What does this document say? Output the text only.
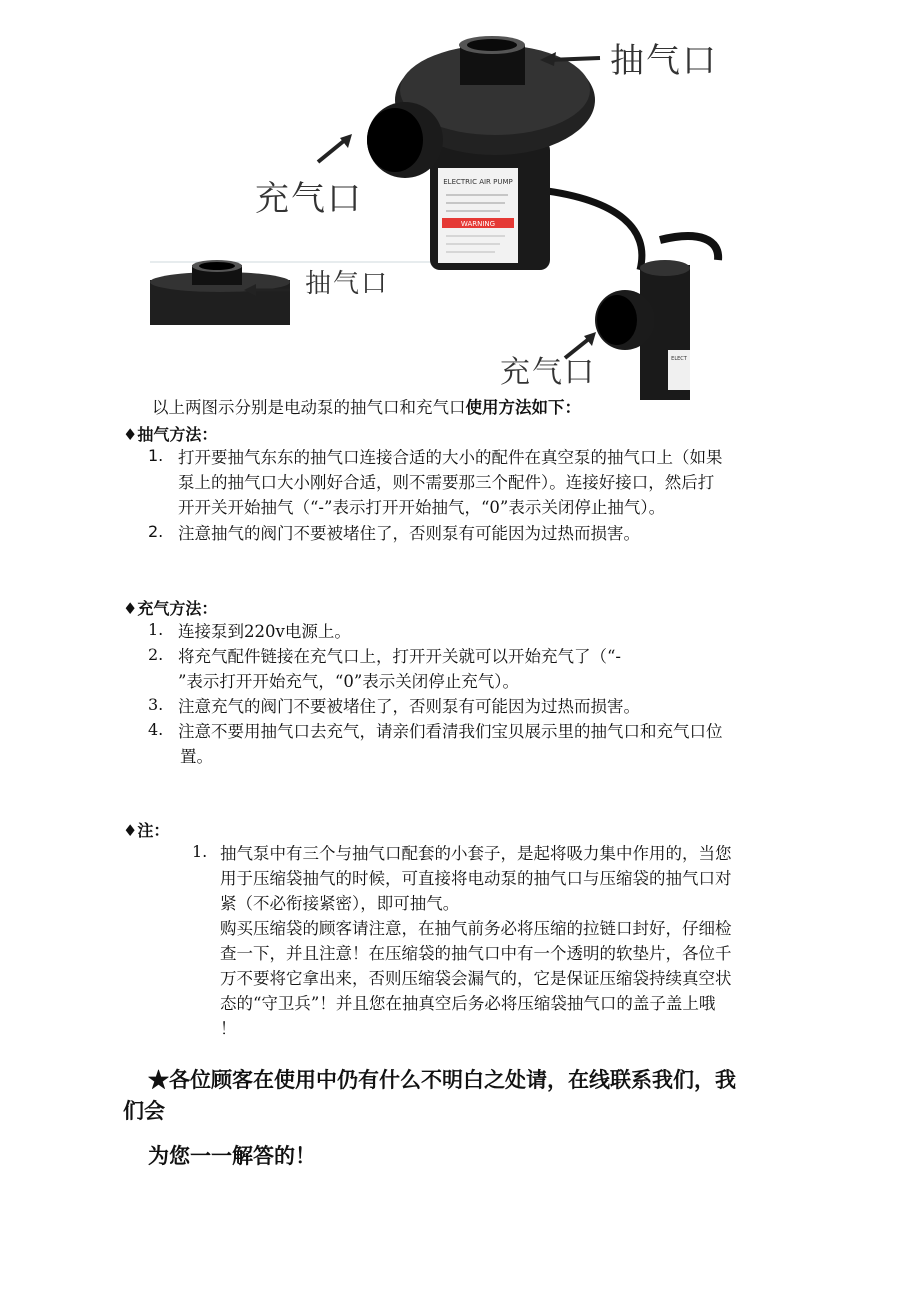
ELECTRIC AIR PUMP
WARNING
抽气口
充气口
抽气口
ELECT
充气口
以上两图示分别是电动泵的抽气口和充气口使用方法如下：
♦抽气方法：
1. 打开要抽气东东的抽气口连接合适的大小的配件在真空泵的抽气口上（如果
泵上的抽气口大小刚好合适，则不需要那三个配件）。连接好接口，然后打
开开关开始抽气（“-”表示打开开始抽气，“0”表示关闭停止抽气）。
2. 注意抽气的阀门不要被堵住了，否则泵有可能因为过热而损害。
♦充气方法：
1. 连接泵到220v电源上。
2. 将充气配件链接在充气口上，打开开关就可以开始充气了（“-
”表示打开开始充气，“0”表示关闭停止充气）。
3. 注意充气的阀门不要被堵住了，否则泵有可能因为过热而损害。
4. 注意不要用抽气口去充气，请亲们看清我们宝贝展示里的抽气口和充气口位
置。
♦注：
1. 抽气泵中有三个与抽气口配套的小套子，是起将吸力集中作用的，当您
用于压缩袋抽气的时候，可直接将电动泵的抽气口与压缩袋的抽气口对
紧（不必衔接紧密），即可抽气。
购买压缩袋的顾客请注意，在抽气前务必将压缩的拉链口封好，仔细检
查一下，并且注意！在压缩袋的抽气口中有一个透明的软垫片，各位千
万不要将它拿出来，否则压缩袋会漏气的，它是保证压缩袋持续真空状
态的“守卫兵”！并且您在抽真空后务必将压缩袋抽气口的盖子盖上哦
！
★各位顾客在使用中仍有什么不明白之处请，在线联系我们，我
们会
为您一一解答的！
